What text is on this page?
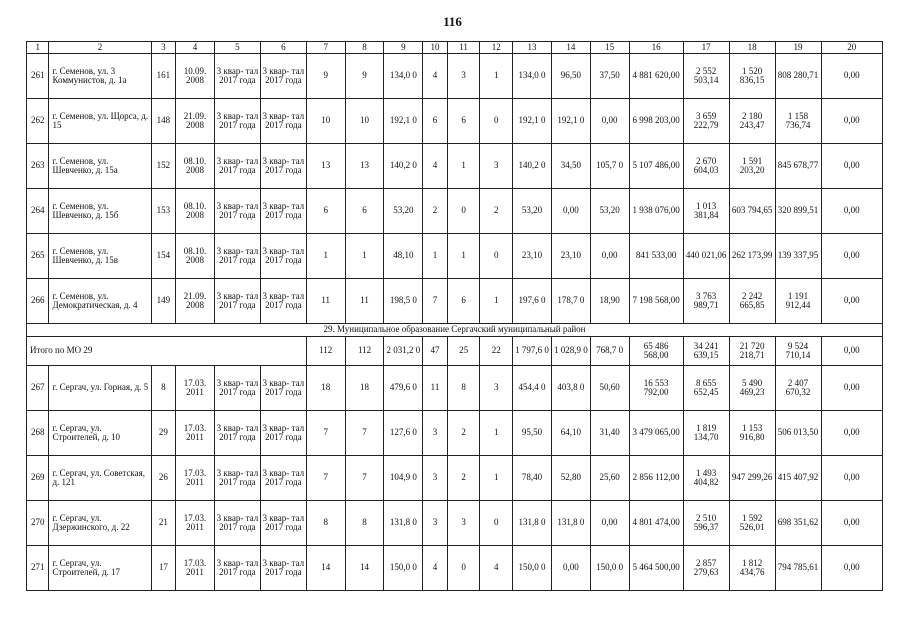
116
1	2	3	4	5	6	7	8	9	10	11	12	13	14	15	16	17	18	19	20
261	г. Семенов, ул. 3 Коммунистов, д. 1а	161	10.09. 2008	3 квар- тал 2017 года	3 квар- тал 2017 года	9	9	134,0 0	4	3	1	134,0 0	96,50	37,50	4 881 620,00	2 552 503,14	1 520 836,15	808 280,71	0,00
262	г. Семенов, ул. Щорса, д. 15	148	21.09. 2008	3 квар- тал 2017 года	3 квар- тал 2017 года	10	10	192,1 0	6	6	0	192,1 0	192,1 0	0,00	6 998 203,00	3 659 222,79	2 180 243,47	1 158 736,74	0,00
263	г. Семенов, ул. Шевченко, д. 15а	152	08.10. 2008	3 квар- тал 2017 года	3 квар- тал 2017 года	13	13	140,2 0	4	1	3	140,2 0	34,50	105,7 0	5 107 486,00	2 670 604,03	1 591 203,20	845 678,77	0,00
264	г. Семенов, ул. Шевченко, д. 15б	153	08.10. 2008	3 квар- тал 2017 года	3 квар- тал 2017 года	6	6	53,20	2	0	2	53,20	0,00	53,20	1 938 076,00	1 013 381,84	603 794,65	320 899,51	0,00
265	г. Семенов, ул. Шевченко, д. 15в	154	08.10. 2008	3 квар- тал 2017 года	3 квар- тал 2017 года	1	1	48,10	1	1	0	23,10	23,10	0,00	841 533,00	440 021,06	262 173,99	139 337,95	0,00
266	г. Семенов, ул. Демократическая, д. 4	149	21.09. 2008	3 квар- тал 2017 года	3 квар- тал 2017 года	11	11	198,5 0	7	6	1	197,6 0	178,7 0	18,90	7 198 568,00	3 763 989,71	2 242 665,85	1 191 912,44	0,00
29. Муниципальное образование Сергачский муниципальный район																			
Итого по МО 29						112	112	2 031,2 0	47	25	22	1 797,6 0	1 028,9 0	768,7 0	65 486 568,00	34 241 639,15	21 720 218,71	9 524 710,14	0,00
267	г. Сергач, ул. Горная, д. 5	8	17.03. 2011	3 квар- тал 2017 года	3 квар- тал 2017 года	18	18	479,6 0	11	8	3	454,4 0	403,8 0	50,60	16 553 792,00	8 655 652,45	5 490 469,23	2 407 670,32	0,00
268	г. Сергач, ул. Строителей, д. 10	29	17.03. 2011	3 квар- тал 2017 года	3 квар- тал 2017 года	7	7	127,6 0	3	2	1	95,50	64,10	31,40	3 479 065,00	1 819 134,70	1 153 916,80	506 013,50	0,00
269	г. Сергач, ул. Советская, д. 121	26	17.03. 2011	3 квар- тал 2017 года	3 квар- тал 2017 года	7	7	104,9 0	3	2	1	78,40	52,80	25,60	2 856 112,00	1 493 404,82	947 299,26	415 407,92	0,00
270	г. Сергач, ул. Дзержинского, д. 22	21	17.03. 2011	3 квар- тал 2017 года	3 квар- тал 2017 года	8	8	131,8 0	3	3	0	131,8 0	131,8 0	0,00	4 801 474,00	2 510 596,37	1 592 526,01	698 351,62	0,00
271	г. Сергач, ул. Строителей, д. 17	17	17.03. 2011	3 квар- тал 2017 года	3 квар- тал 2017 года	14	14	150,0 0	4	0	4	150,0 0	0,00	150,0 0	5 464 500,00	2 857 279,63	1 812 434,76	794 785,61	0,00
